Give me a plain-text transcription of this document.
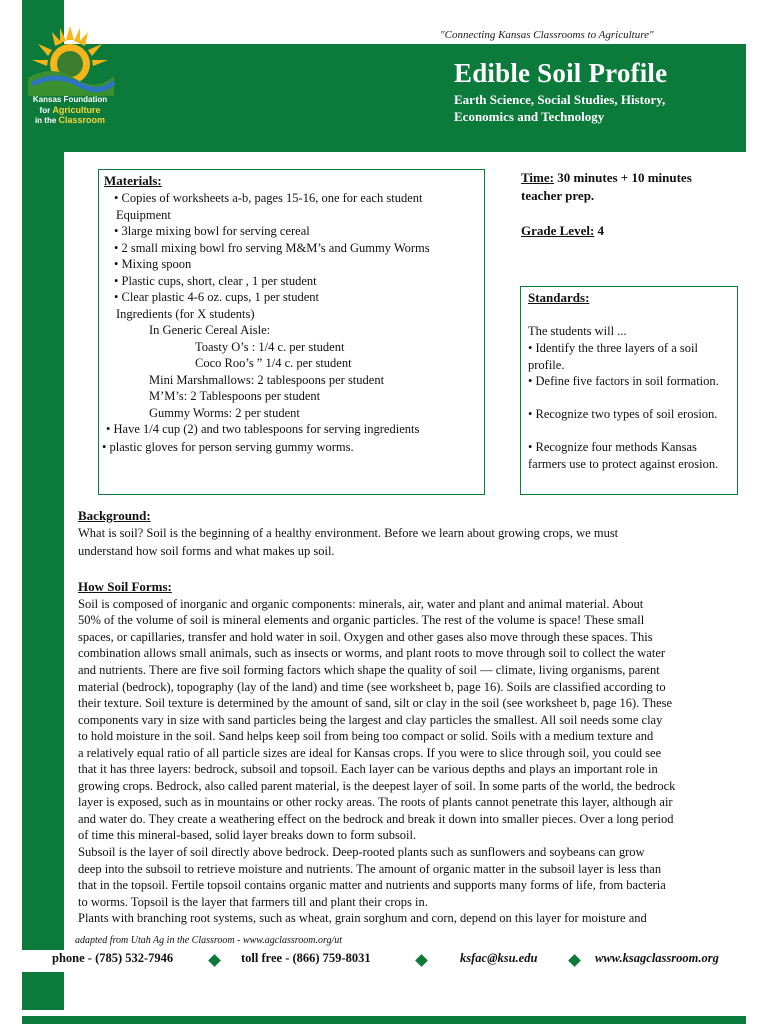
Kansas Foundation
for Agriculture
in the Classroom
"Connecting Kansas Classrooms to Agriculture"
Edible Soil Profile
Earth Science, Social Studies, History,
Economics and Technology
Materials:
• Copies of worksheets a-b, pages 15-16, one for each student
Equipment
• 3large mixing bowl for serving cereal
• 2 small mixing bowl fro serving M&M’s and Gummy Worms
• Mixing spoon
• Plastic cups, short, clear , 1 per student
• Clear plastic 4-6 oz. cups, 1 per student
Ingredients (for X students)
In Generic Cereal Aisle:
Toasty O’s : 1/4 c. per student
Coco Roo’s ” 1/4 c. per student
Mini Marshmallows: 2 tablespoons per student
M’M’s: 2 Tablespoons per student
Gummy Worms: 2 per student
• Have 1/4 cup (2) and two tablespoons for serving ingredients
• plastic gloves for person serving gummy worms.
Time: 30 minutes + 10 minutes
teacher prep.
Grade Level: 4
Standards:
The students will ...
• Identify the three layers of a soil profile.
• Define five factors in soil formation.
• Recognize two types of soil erosion.
• Recognize four methods Kansas farmers use to protect against erosion.
Background:
What is soil? Soil is the beginning of a healthy environment. Before we learn about growing crops, we must
understand how soil forms and what makes up soil.
How Soil Forms:
Soil is composed of inorganic and organic components: minerals, air, water and plant and animal material. About
50% of the volume of soil is mineral elements and organic particles. The rest of the volume is space! These small
spaces, or capillaries, transfer and hold water in soil. Oxygen and other gases also move through these spaces. This
combination allows small animals, such as insects or worms, and plant roots to move through soil to collect the water
and nutrients. There are five soil forming factors which shape the quality of soil — climate, living organisms, parent
material (bedrock), topography (lay of the land) and time (see worksheet b, page 16). Soils are classified according to
their texture. Soil texture is determined by the amount of sand, silt or clay in the soil (see worksheet b, page 16). These
components vary in size with sand particles being the largest and clay particles the smallest. All soil needs some clay
to hold moisture in the soil. Sand helps keep soil from being too compact or solid. Soils with a medium texture and
a relatively equal ratio of all particle sizes are ideal for Kansas crops. If you were to slice through soil, you could see
that it has three layers: bedrock, subsoil and topsoil. Each layer can be various depths and plays an important role in
growing crops. Bedrock, also called parent material, is the deepest layer of soil. In some parts of the world, the bedrock
layer is exposed, such as in mountains or other rocky areas. The roots of plants cannot penetrate this layer, although air
and water do. They create a weathering effect on the bedrock and break it down into smaller pieces. Over a long period
of time this mineral-based, solid layer breaks down to form subsoil.
Subsoil is the layer of soil directly above bedrock. Deep-rooted plants such as sunflowers and soybeans can grow
deep into the subsoil to retrieve moisture and nutrients. The amount of organic matter in the subsoil layer is less than
that in the topsoil. Fertile topsoil contains organic matter and nutrients and supports many forms of life, from bacteria
to worms. Topsoil is the layer that farmers till and plant their crops in.
Plants with branching root systems, such as wheat, grain sorghum and corn, depend on this layer for moisture and
adapted from Utah Ag in the Classroom - www.agclassroom.org/ut
phone - (785) 532-7946	toll free - (866) 759-8031	ksfac@ksu.edu	www.ksagclassroom.org
